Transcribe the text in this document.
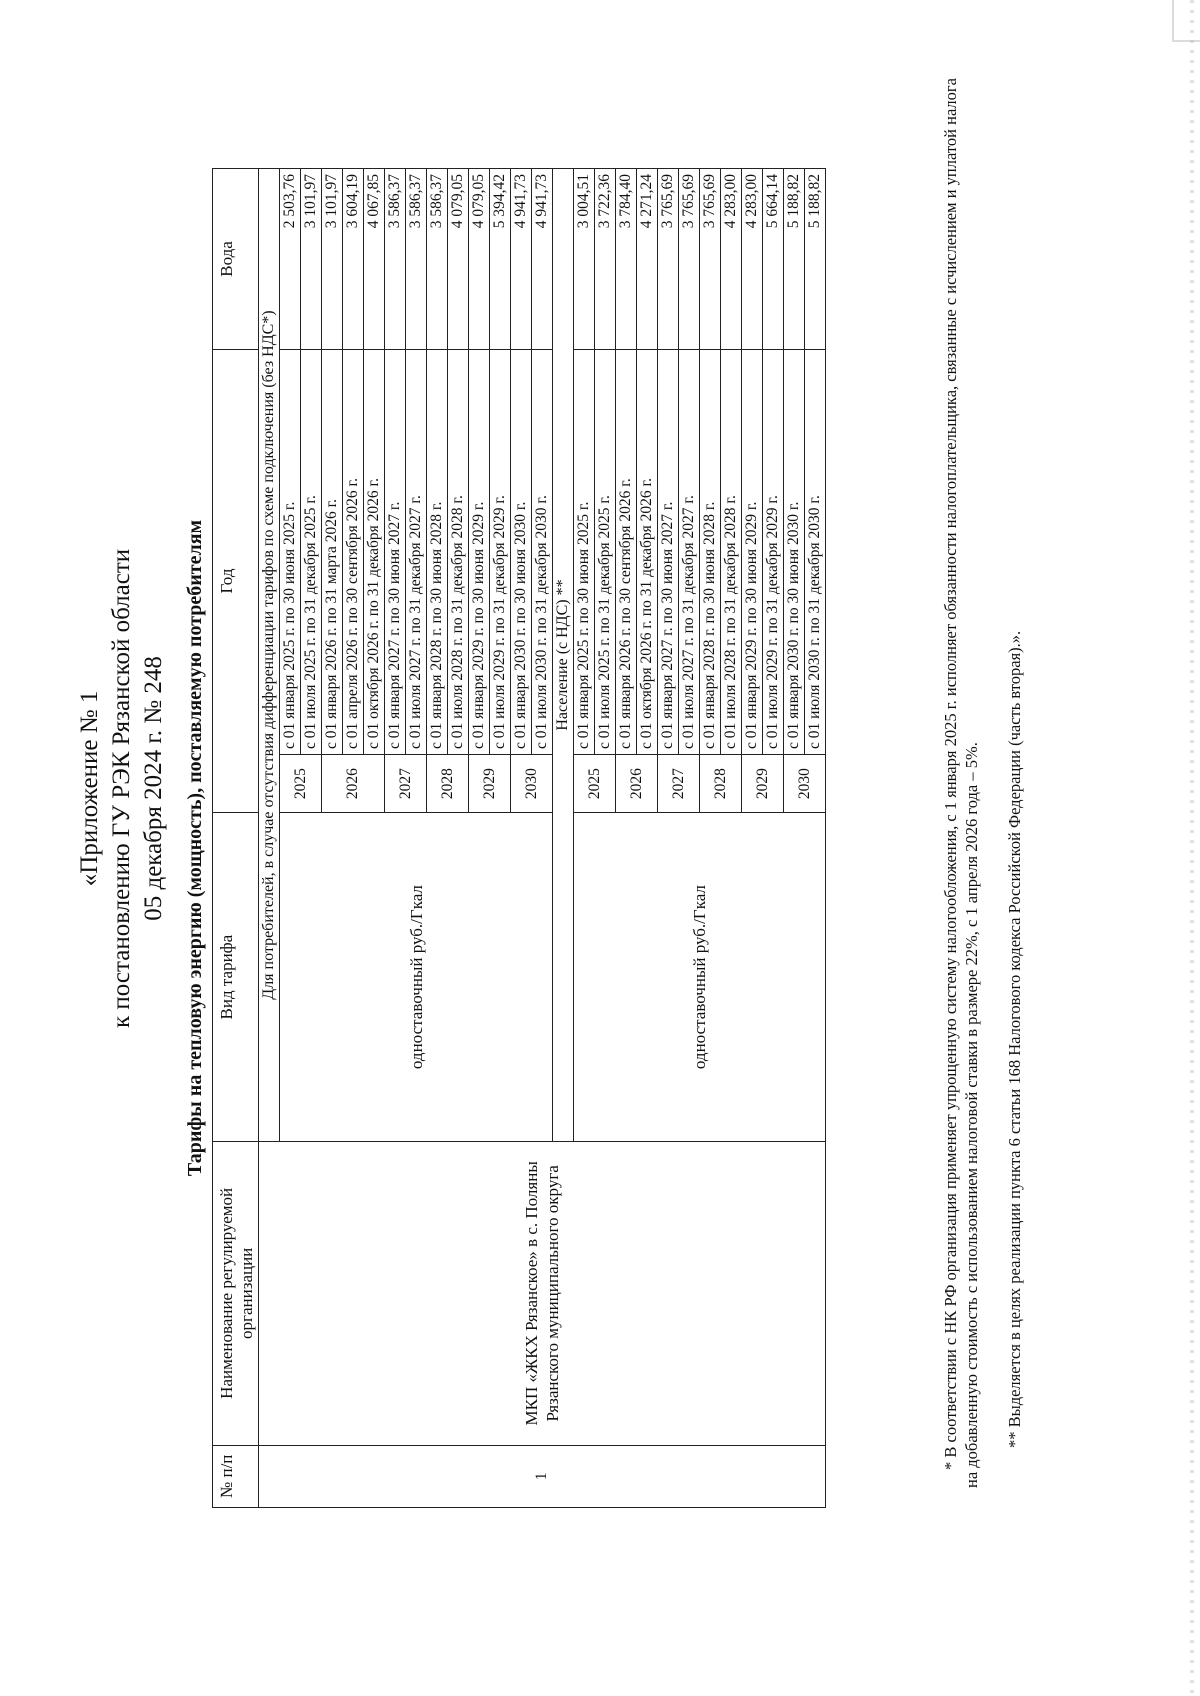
«Приложение № 1 к постановлению ГУ РЭК Рязанской области 05 декабря 2024 г. № 248 Тарифы на тепловую энергию (мощность), поставляемую потребителям
№ п/п	Наименование регулируемой организации	Вид тарифа	Год		Вода
1	МКП «ЖКХ Рязанское» в с. Поляны Рязанского муниципального округа	Для потребителей, в случае отсутствия дифференциации тарифов по схеме подключения (без НДС*)			
		одноставочный руб./Гкал	2025	с 01 января 2025 г. по 30 июня 2025 г.	2 503,76
				с 01 июля 2025 г. по 31 декабря 2025 г.	3 101,97
			2026	с 01 января 2026 г. по 31 марта 2026 г.	3 101,97
				с 01 апреля 2026 г. по 30 сентября 2026 г.	3 604,19
				с 01 октября 2026 г. по 31 декабря 2026 г.	4 067,85
			2027	с 01 января 2027 г. по 30 июня 2027 г.	3 586,37
				с 01 июля 2027 г. по 31 декабря 2027 г.	3 586,37
			2028	с 01 января 2028 г. по 30 июня 2028 г.	3 586,37
				с 01 июля 2028 г. по 31 декабря 2028 г.	4 079,05
			2029	с 01 января 2029 г. по 30 июня 2029 г.	4 079,05
				с 01 июля 2029 г. по 31 декабря 2029 г.	5 394,42
			2030	с 01 января 2030 г. по 30 июня 2030 г.	4 941,73
				с 01 июля 2030 г. по 31 декабря 2030 г.	4 941,73
		Население (с НДС) **			
		одноставочный руб./Гкал	2025	с 01 января 2025 г. по 30 июня 2025 г.	3 004,51
				с 01 июля 2025 г. по 31 декабря 2025 г.	3 722,36
			2026	с 01 января 2026 г. по 30 сентября 2026 г.	3 784,40
				с 01 октября 2026 г. по 31 декабря 2026 г.	4 271,24
			2027	с 01 января 2027 г. по 30 июня 2027 г.	3 765,69
				с 01 июля 2027 г. по 31 декабря 2027 г.	3 765,69
			2028	с 01 января 2028 г. по 30 июня 2028 г.	3 765,69
				с 01 июля 2028 г. по 31 декабря 2028 г.	4 283,00
			2029	с 01 января 2029 г. по 30 июня 2029 г.	4 283,00
				с 01 июля 2029 г. по 31 декабря 2029 г.	5 664,14
			2030	с 01 января 2030 г. по 30 июня 2030 г.	5 188,82
				с 01 июля 2030 г. по 31 декабря 2030 г.	5 188,82	* В соответствии с НК РФ организация применяет упрощенную систему налогообложения, с 1 января 2025 г. исполняет обязанности налогоплательщика, связанные с исчислением и уплатой налога на добавленную стоимость с использованием налоговой ставки в размере 22%, с 1 апреля 2026 года – 5%. ** Выделяется в целях реализации пункта 6 статьи 168 Налогового кодекса Российской Федерации (часть вторая).».
